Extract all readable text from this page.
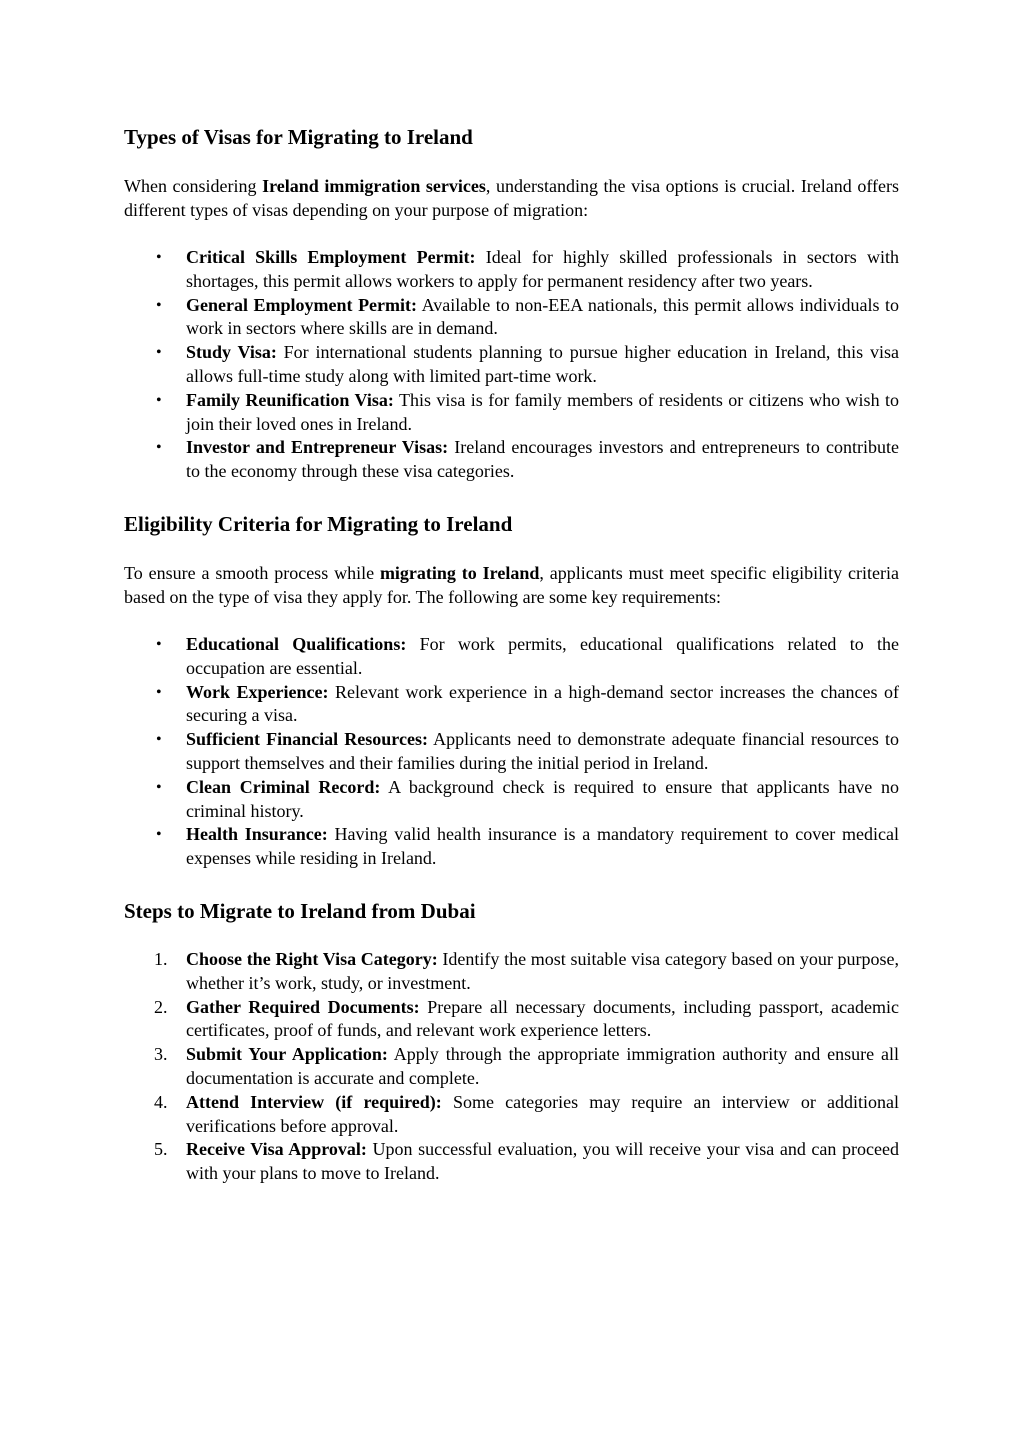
Types of Visas for Migrating to Ireland

When considering Ireland immigration services, understanding the visa options is crucial. Ireland offers different types of visas depending on your purpose of migration:

•	Critical Skills Employment Permit: Ideal for highly skilled professionals in sectors with shortages, this permit allows workers to apply for permanent residency after two years.
•	General Employment Permit: Available to non-EEA nationals, this permit allows individuals to work in sectors where skills are in demand.
•	Study Visa: For international students planning to pursue higher education in Ireland, this visa allows full-time study along with limited part-time work.
•	Family Reunification Visa: This visa is for family members of residents or citizens who wish to join their loved ones in Ireland.
•	Investor and Entrepreneur Visas: Ireland encourages investors and entrepreneurs to contribute to the economy through these visa categories.
Eligibility Criteria for Migrating to Ireland

To ensure a smooth process while migrating to Ireland, applicants must meet specific eligibility criteria based on the type of visa they apply for. The following are some key requirements:

•	Educational Qualifications: For work permits, educational qualifications related to the occupation are essential.
•	Work Experience: Relevant work experience in a high-demand sector increases the chances of securing a visa.
•	Sufficient Financial Resources: Applicants need to demonstrate adequate financial resources to support themselves and their families during the initial period in Ireland.
•	Clean Criminal Record: A background check is required to ensure that applicants have no criminal history.
•	Health Insurance: Having valid health insurance is a mandatory requirement to cover medical expenses while residing in Ireland.
Steps to Migrate to Ireland from Dubai
1.	Choose the Right Visa Category: Identify the most suitable visa category based on your purpose, whether it’s work, study, or investment.
2.	Gather Required Documents: Prepare all necessary documents, including passport, academic certificates, proof of funds, and relevant work experience letters.
3.	Submit Your Application: Apply through the appropriate immigration authority and ensure all documentation is accurate and complete.
4.	Attend Interview (if required): Some categories may require an interview or additional verifications before approval.
5.	Receive Visa Approval: Upon successful evaluation, you will receive your visa and can proceed with your plans to move to Ireland.
